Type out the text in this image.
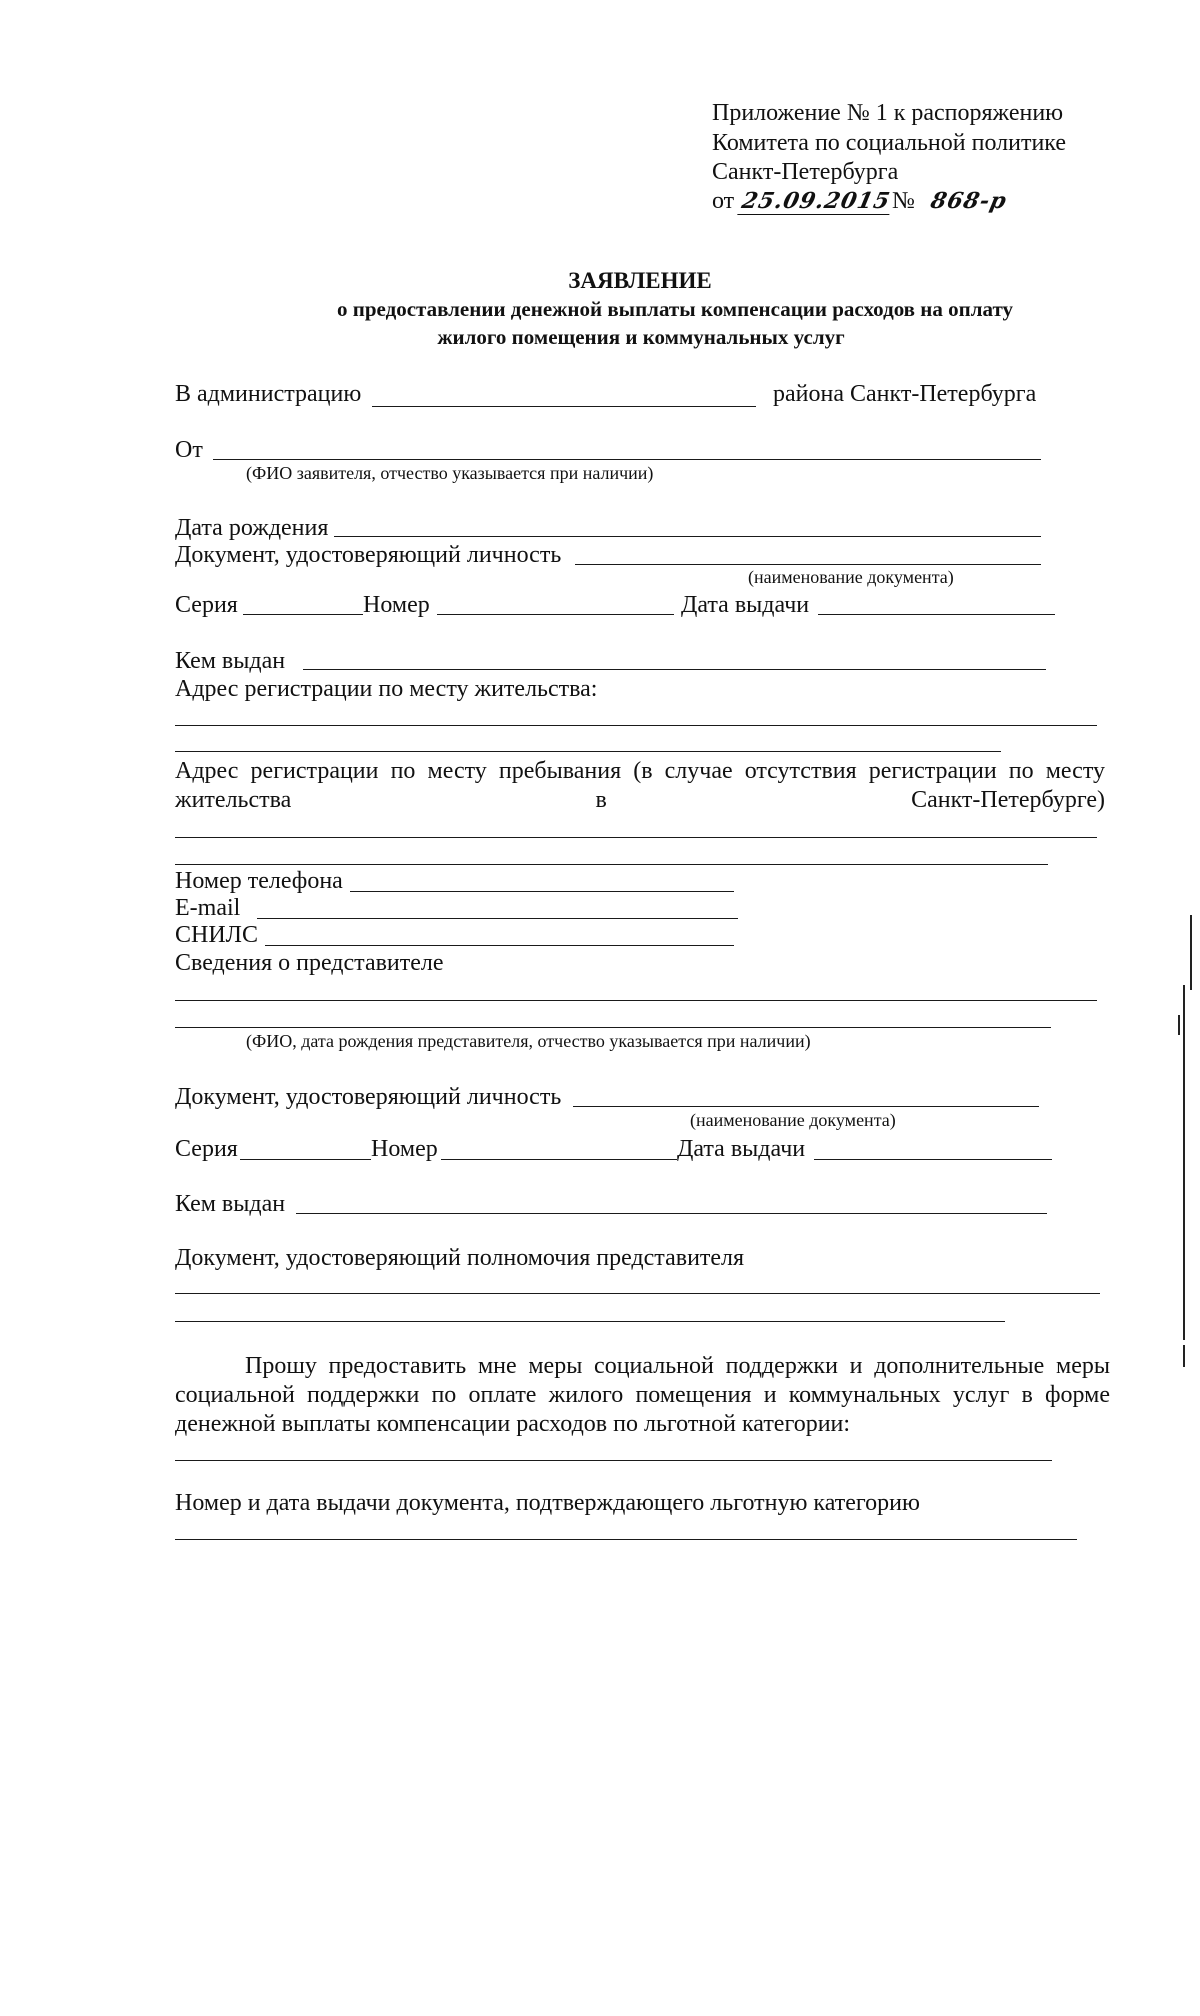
Приложение № 1 к распоряжению
Комитета по социальной политике
Санкт-Петербурга
от 25.09.2015№ 868-р
ЗАЯВЛЕНИЕ
о предоставлении денежной выплаты компенсации расходов на оплату
жилого помещения и коммунальных услуг
В администрацию	района Санкт-Петербурга
От
(ФИО заявителя, отчество указывается при наличии)
Дата рождения
Документ, удостоверяющий личность
(наименование документа)
Серия	Номер	Дата выдачи
Кем выдан
Адрес регистрации по месту жительства:
Адрес регистрации по месту пребывания (в случае отсутствия регистрации по месту жительства в Санкт-Петербурге)
Номер телефона
E-mail
СНИЛС
Сведения о представителе
(ФИО, дата рождения представителя, отчество указывается при наличии)
Документ, удостоверяющий личность
(наименование документа)
Серия	Номер	Дата выдачи
Кем выдан
Документ, удостоверяющий полномочия представителя
Прошу предоставить мне меры социальной поддержки и дополнительные меры социальной поддержки по оплате жилого помещения и коммунальных услуг в форме денежной выплаты компенсации расходов по льготной категории:
Номер и дата выдачи документа, подтверждающего льготную категорию
